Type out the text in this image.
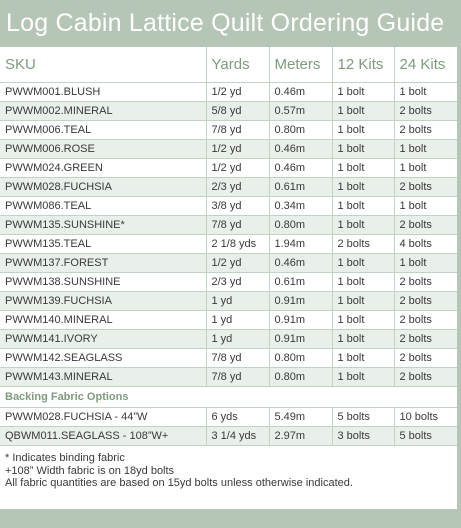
Log Cabin Lattice Quilt Ordering Guide
SKU	Yards	Meters	12 Kits	24 Kits
PWWM001.BLUSH	1/2 yd	0.46m	1 bolt	1 bolt
PWWM002.MINERAL	5/8 yd	0.57m	1 bolt	2 bolts
PWWM006.TEAL	7/8 yd	0.80m	1 bolt	2 bolts
PWWM006.ROSE	1/2 yd	0.46m	1 bolt	1 bolt
PWWM024.GREEN	1/2 yd	0.46m	1 bolt	1 bolt
PWWM028.FUCHSIA	2/3 yd	0.61m	1 bolt	2 bolts
PWWM086.TEAL	3/8 yd	0.34m	1 bolt	1 bolt
PWWM135.SUNSHINE*	7/8 yd	0.80m	1 bolt	2 bolts
PWWM135.TEAL	2 1/8 yds	1.94m	2 bolts	4 bolts
PWWM137.FOREST	1/2 yd	0.46m	1 bolt	1 bolt
PWWM138.SUNSHINE	2/3 yd	0.61m	1 bolt	2 bolts
PWWM139.FUCHSIA	1 yd	0.91m	1 bolt	2 bolts
PWWM140.MINERAL	1 yd	0.91m	1 bolt	2 bolts
PWWM141.IVORY	1 yd	0.91m	1 bolt	2 bolts
PWWM142.SEAGLASS	7/8 yd	0.80m	1 bolt	2 bolts
PWWM143.MINERAL	7/8 yd	0.80m	1 bolt	2 bolts
Backing Fabric Options				
PWWM028.FUCHSIA - 44”W	6 yds	5.49m	5 bolts	10 bolts
QBWM011.SEAGLASS - 108”W+	3 1/4 yds	2.97m	3 bolts	5 bolts
* Indicates binding fabric
+108” Width fabric is on 18yd bolts
All fabric quantities are based on 15yd bolts unless otherwise indicated.
